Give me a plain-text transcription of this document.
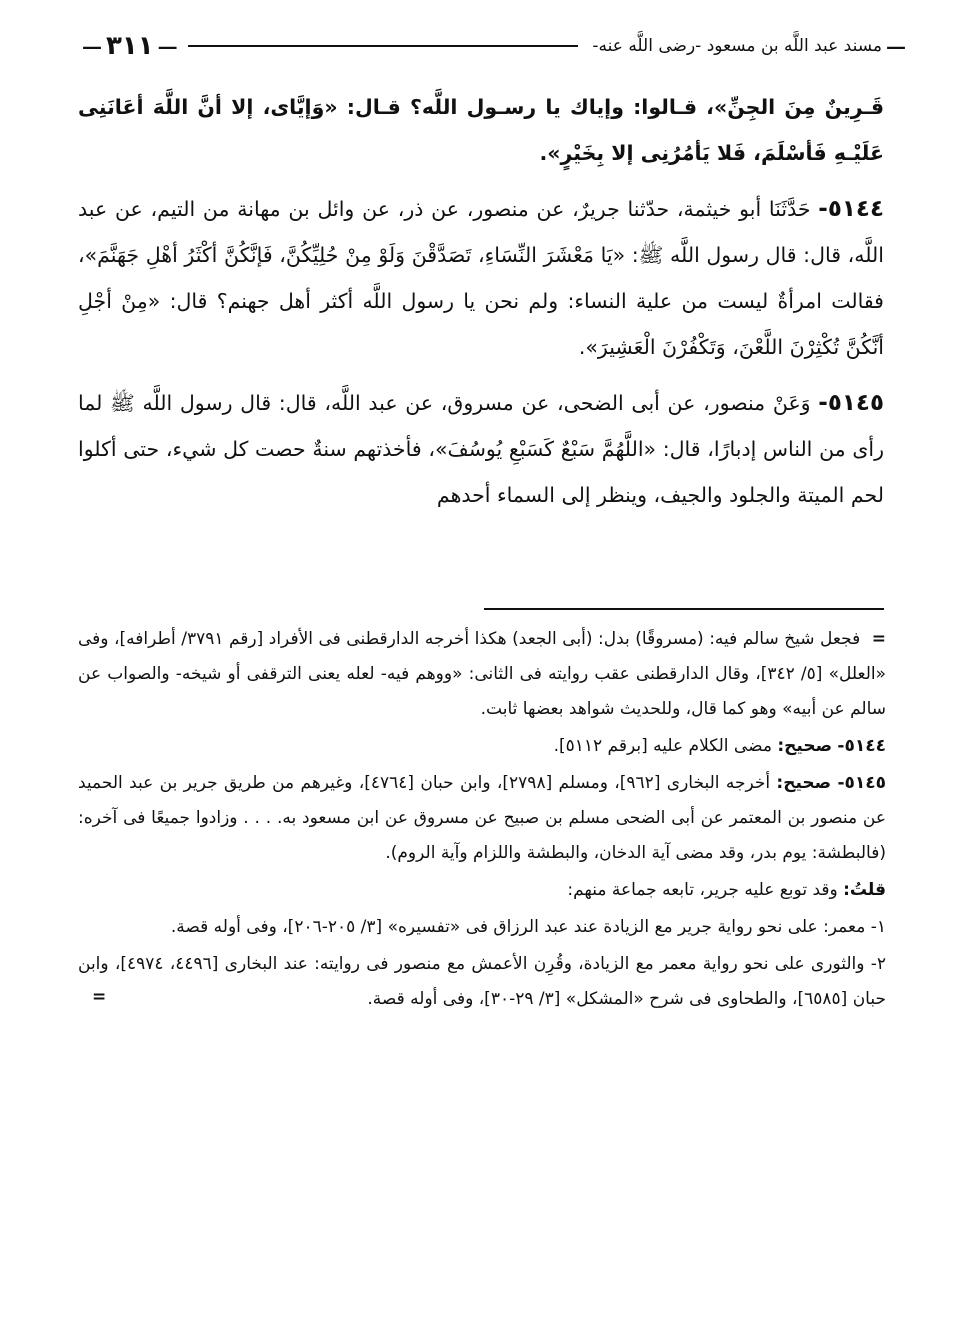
—
مسند عبد اللَّه بن مسعود -رضى اللَّه عنه-
—
٣١١
—

قَـرِينٌ مِنَ الجِنِّ»، قـالوا: وإياك يا رسـول اللَّه؟ قـال: «وَإيَّاى، إلا أنَّ اللَّهَ أعَانَنِى عَلَيْـهِ فَأسْلَمَ، فَلا يَأمُرُنِى إلا بِخَيْرٍ».

٥١٤٤- حَدَّثَنَا أبو خيثمة، حدّثنا جريرٌ، عن منصور، عن ذر، عن وائل بن مهانة من التيم، عن عبد اللَّه، قال: قال رسول اللَّه ﷺ: «يَا مَعْشَرَ النِّسَاءِ، تَصَدَّقْنَ وَلَوْ مِنْ حُلِيِّكُنَّ، فَإنَّكُنَّ أكْثَرُ أهْلِ جَهَنَّمَ»، فقالت امرأةٌ ليست من علية النساء: ولم نحن يا رسول اللَّه أكثر أهل جهنم؟ قال: «مِنْ أجْلِ أنَّكُنَّ تُكْثِرْنَ اللَّعْنَ، وَتَكْفُرْنَ الْعَشِيرَ».

٥١٤٥- وَعَنْ منصور، عن أبى الضحى، عن مسروق، عن عبد اللَّه، قال: قال رسول اللَّه ﷺ لما رأى من الناس إدبارًا، قال: «اللَّهُمَّ سَبْعٌ كَسَبْعِ يُوسُفَ»، فأخذتهم سنةٌ حصت كل شيء، حتى أكلوا لحم الميتة والجلود والجيف، وينظر إلى السماء أحدهم

= فجعل شيخ سالم فيه: (مسروقًا) بدل: (أبى الجعد) هكذا أخرجه الدارقطنى فى الأفراد [رقم ٣٧٩١/ أطرافه]، وفى «العلل» [٥/ ٣٤٢]، وقال الدارقطنى عقب روايته فى الثانى: «ووهم فيه- لعله يعنى الترقفى أو شيخه- والصواب عن سالم عن أبيه» وهو كما قال، وللحديث شواهد بعضها ثابت.

٥١٤٤- صحيح: مضى الكلام عليه [برقم ٥١١٢].

٥١٤٥- صحيح: أخرجه البخارى [٩٦٢]، ومسلم [٢٧٩٨]، وابن حبان [٤٧٦٤]، وغيرهم من طريق جرير بن عبد الحميد عن منصور بن المعتمر عن أبى الضحى مسلم بن صبيح عن مسروق عن ابن مسعود به. . . . وزادوا جميعًا فى آخره: (فالبطشة: يوم بدر، وقد مضى آية الدخان، والبطشة واللزام وآية الروم).

قلتُ: وقد توبع عليه جرير، تابعه جماعة منهم:

١- معمر: على نحو رواية جرير مع الزيادة عند عبد الرزاق فى «تفسيره» [٣/ ٢٠٥-٢٠٦]، وفى أوله قصة.

٢- والثورى على نحو رواية معمر مع الزيادة، وقُرِن الأعمش مع منصور فى روايته: عند البخارى [٤٤٩٦، ٤٩٧٤]، وابن حبان [٦٥٨٥]، والطحاوى فى شرح «المشكل» [٣/ ٢٩-٣٠]، وفى أوله قصة.

=
